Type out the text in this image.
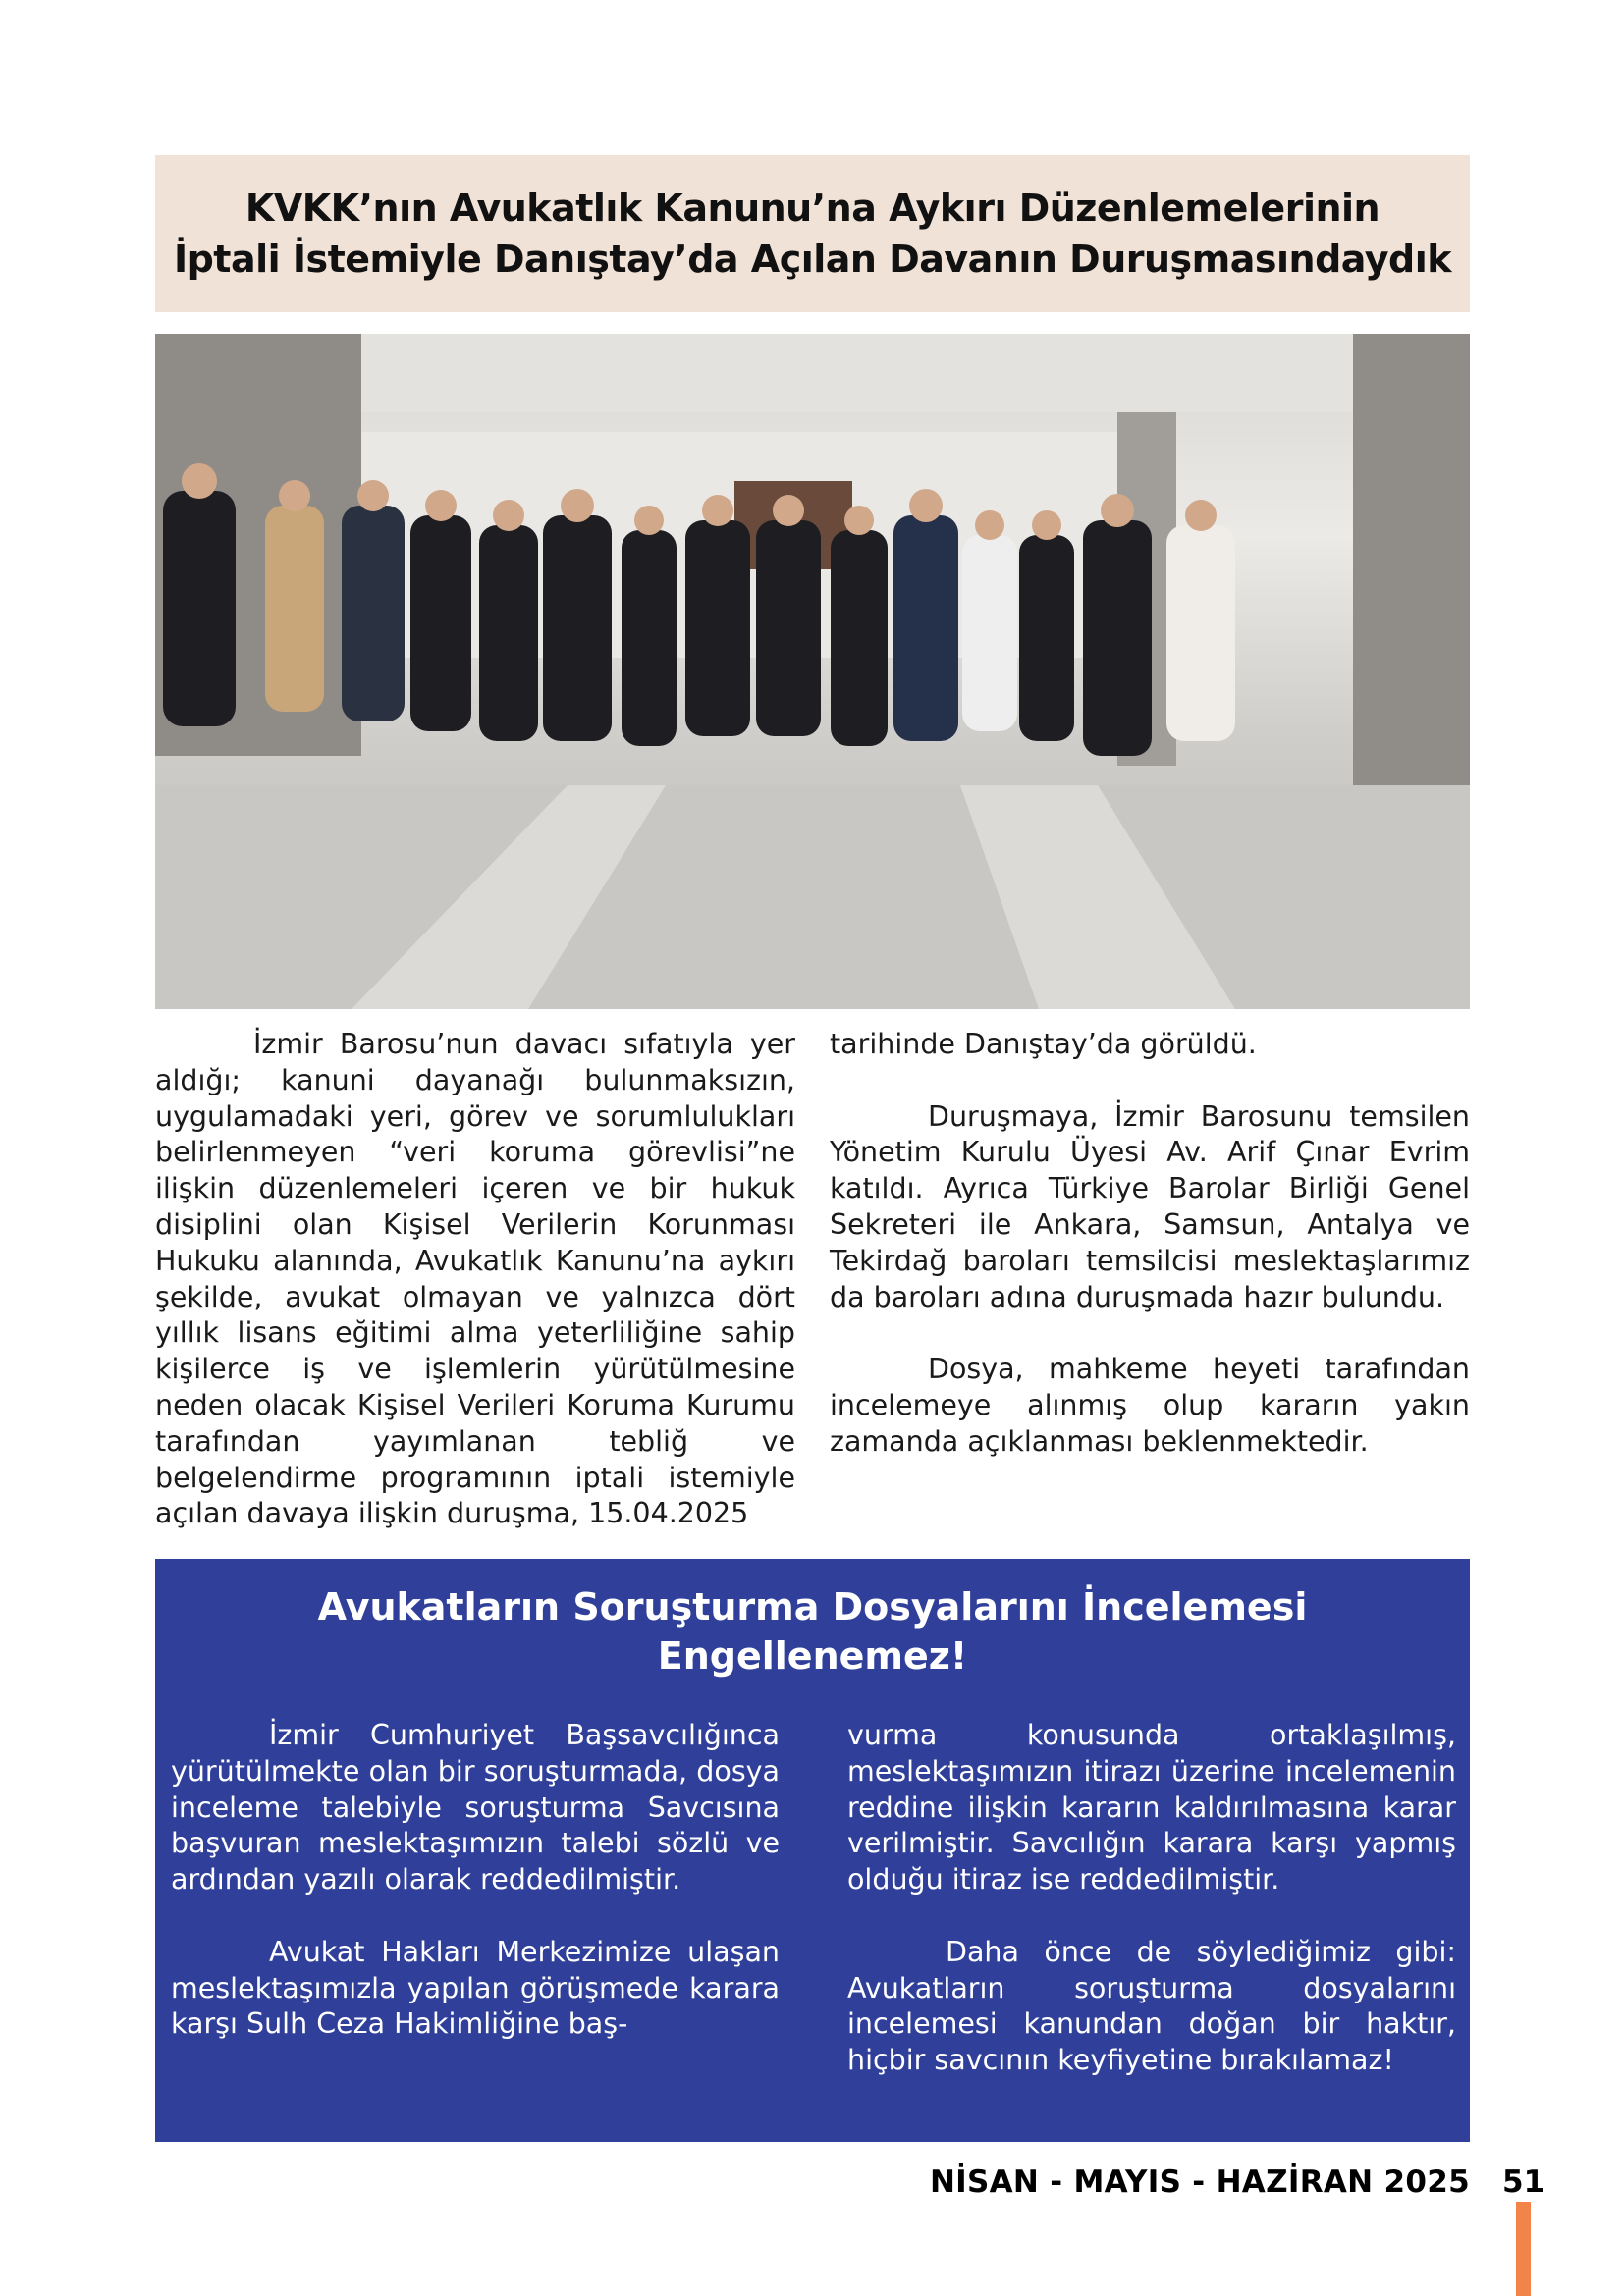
KVKK’nın Avukatlık Kanunu’na Aykırı Düzenlemelerinin
İptali İstemiyle Danıştay’da Açılan Davanın Duruşmasındaydık

İzmir Barosu’nun davacı sıfatıyla yer aldığı; kanuni dayanağı bulunmaksızın, uygulamadaki yeri, görev ve sorumlulukları belirlenmeyen “veri koruma görevlisi”ne ilişkin düzenlemeleri içeren ve bir hukuk disiplini olan Kişisel Verilerin Korunması Hukuku alanında, Avukatlık Kanunu’na aykırı şekilde, avukat olmayan ve yalnızca dört yıllık lisans eğitimi alma yeterliliğine sahip kişilerce iş ve işlemlerin yürütülmesine neden olacak Kişisel Verileri Koruma Kurumu tarafından yayımlanan tebliğ ve belgelendirme programının iptali istemiyle açılan davaya ilişkin duruşma, 15.04.2025

tarihinde Danıştay’da görüldü.

Duruşmaya, İzmir Barosunu temsilen Yönetim Kurulu Üyesi Av. Arif Çınar Evrim katıldı. Ayrıca Türkiye Barolar Birliği Genel Sekreteri ile Ankara, Samsun, Antalya ve Tekirdağ baroları temsilcisi meslektaşlarımız da baroları adına duruşmada hazır bulundu.

Dosya, mahkeme heyeti tarafından incelemeye alınmış olup kararın yakın zamanda açıklanması beklenmektedir.

Avukatların Soruşturma Dosyalarını İncelemesi
Engellenemez!

İzmir Cumhuriyet Başsavcılığınca yürütülmekte olan bir soruşturmada, dosya inceleme talebiyle soruşturma Savcısına başvuran meslektaşımızın talebi sözlü ve ardından yazılı olarak reddedilmiştir.

Avukat Hakları Merkezimize ulaşan meslektaşımızla yapılan görüşmede karara karşı Sulh Ceza Hakimliğine baş-

vurma konusunda ortaklaşılmış, meslektaşımızın itirazı üzerine incelemenin reddine ilişkin kararın kaldırılmasına karar verilmiştir. Savcılığın karara karşı yapmış olduğu itiraz ise reddedilmiştir.

Daha önce de söylediğimiz gibi: Avukatların soruşturma dosyalarını incelemesi kanundan doğan bir haktır, hiçbir savcının keyfiyetine bırakılamaz!

NİSAN - MAYIS - HAZİRAN 2025 51
